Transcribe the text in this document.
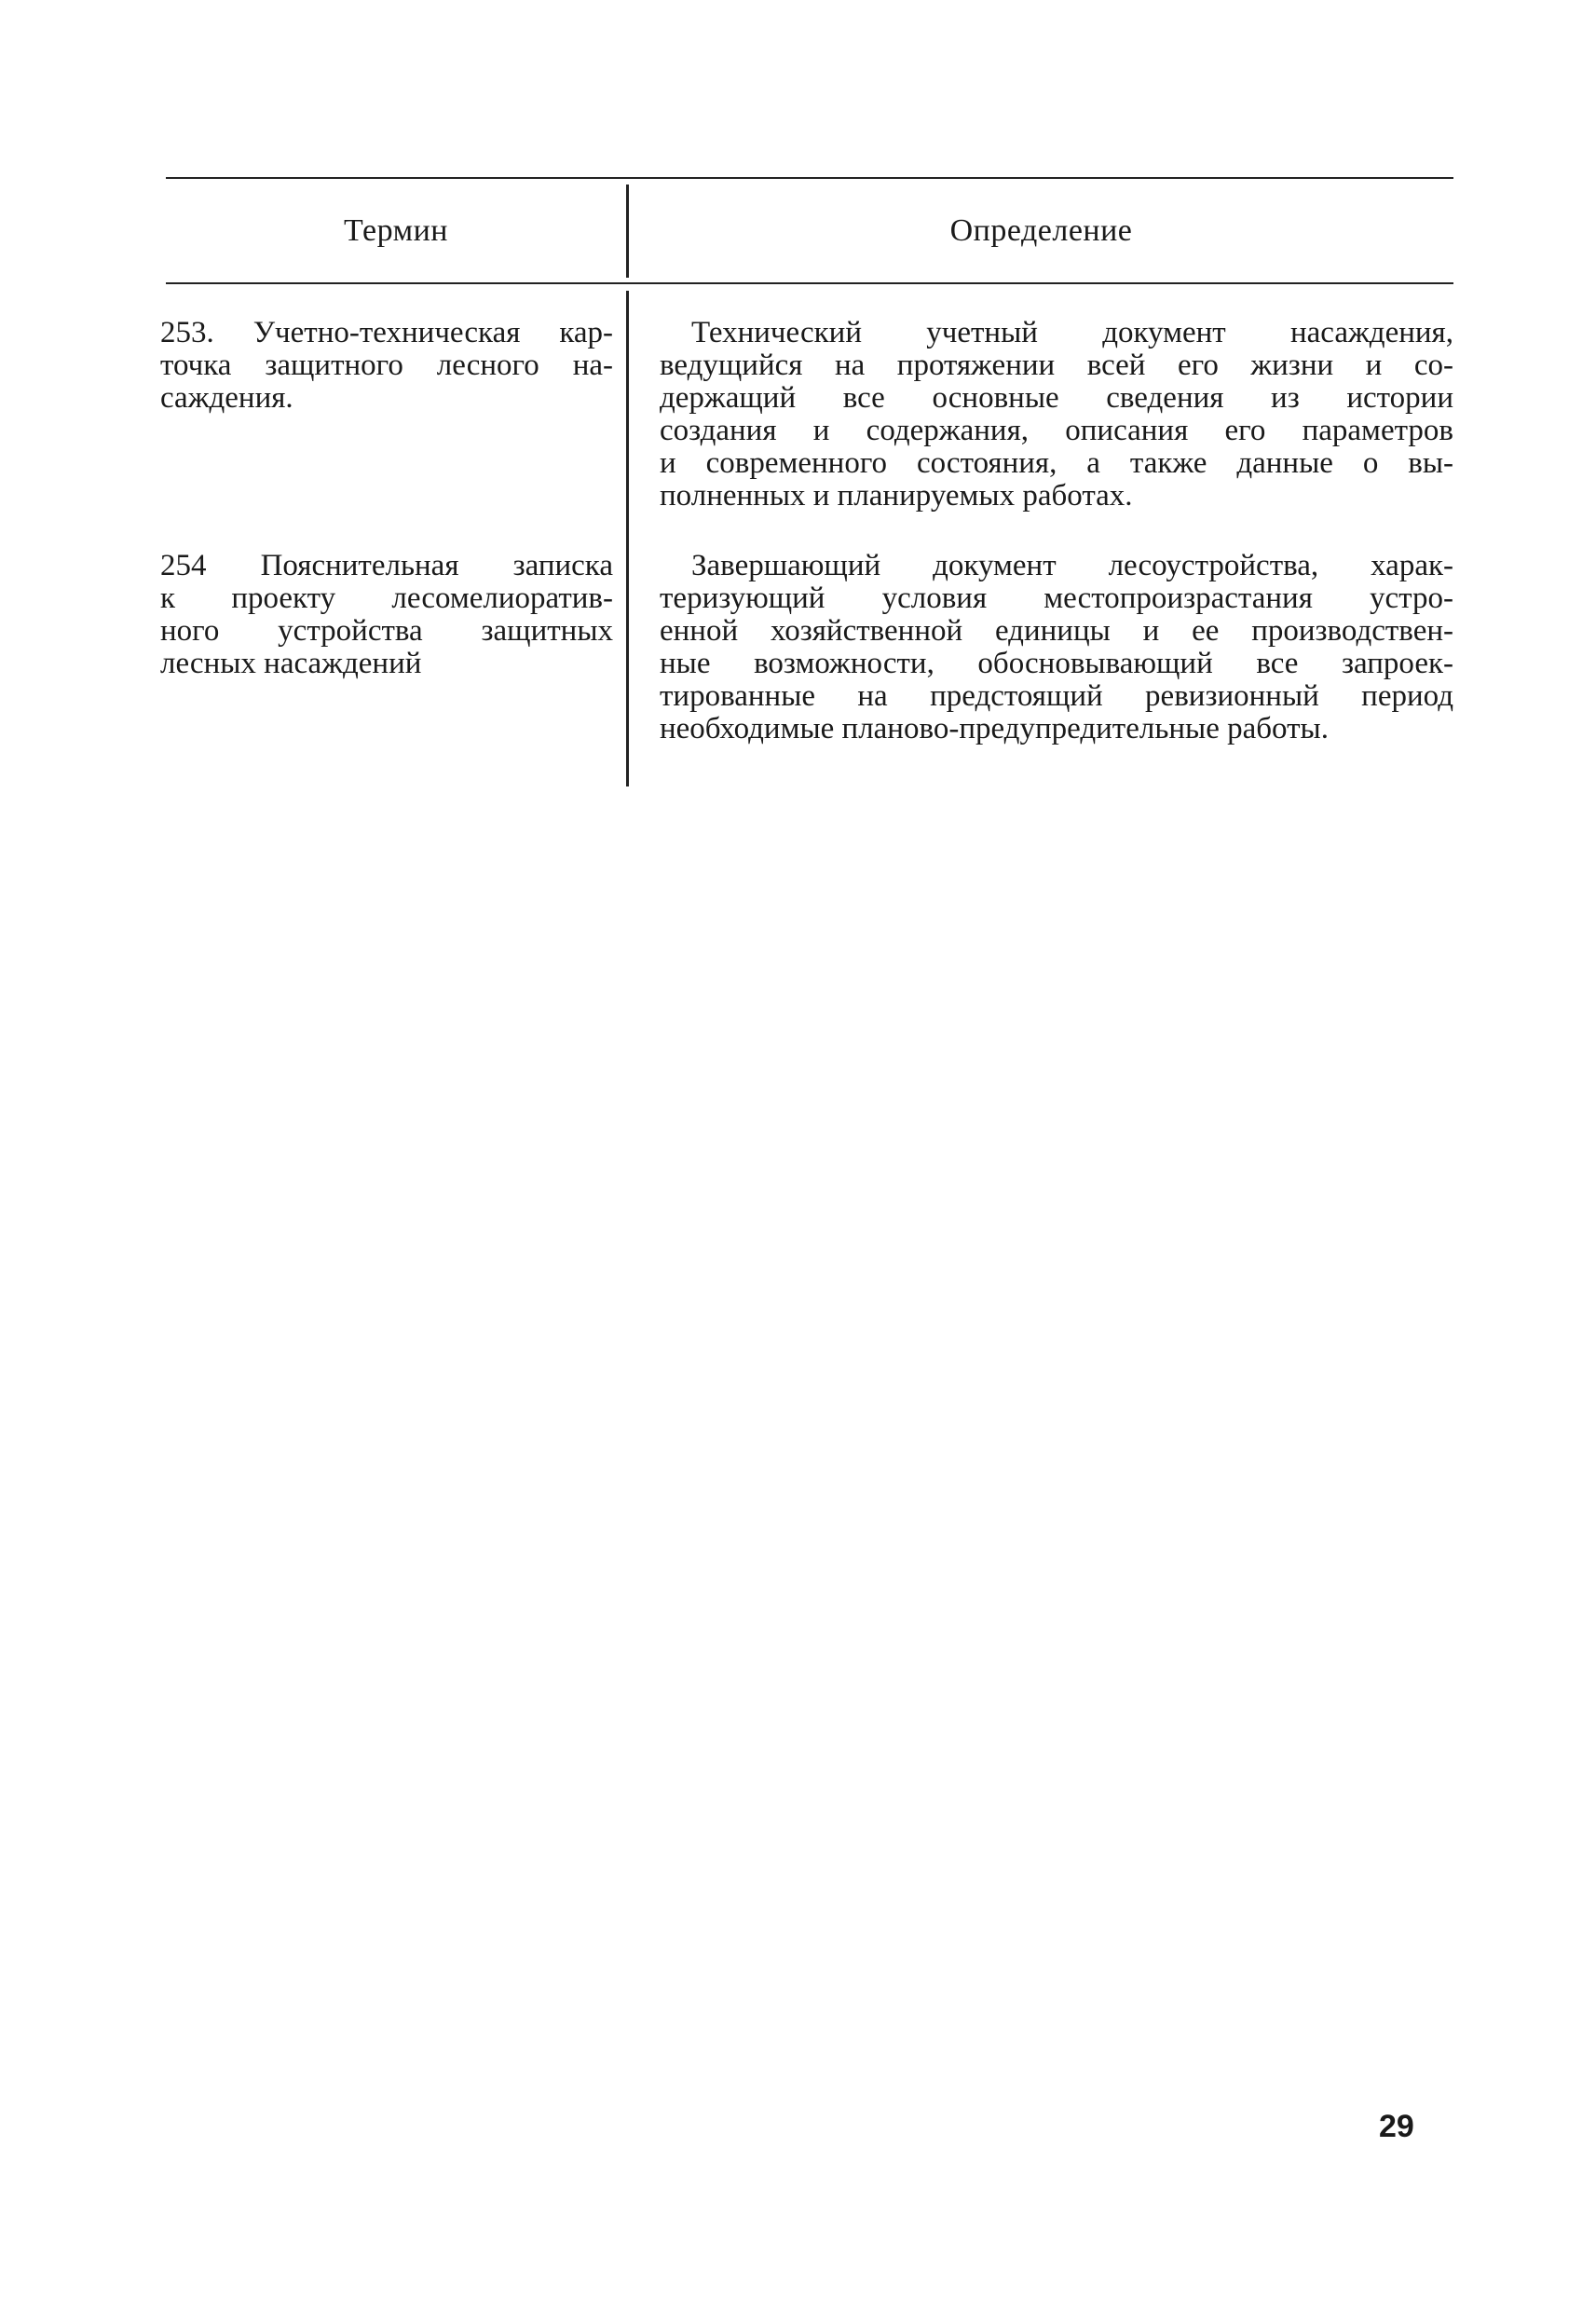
Термин	Определение
253. Учетно-техническая кар-
точка защитного лесного на-
саждения.
Технический учетный документ насаждения,
ведущийся на протяжении всей его жизни и со-
держащий все основные сведения из истории
создания и содержания, описания его параметров
и современного состояния, а также данные о вы-
полненных и планируемых работах.
254 Пояснительная записка
к проекту лесомелиоратив-
ного устройства защитных
лесных насаждений
Завершающий документ лесоустройства, харак-
теризующий условия местопроизрастания устро-
енной хозяйственной единицы и ее производствен-
ные возможности, обосновывающий все запроек-
тированные на предстоящий ревизионный период
необходимые планово-предупредительные работы.
29
